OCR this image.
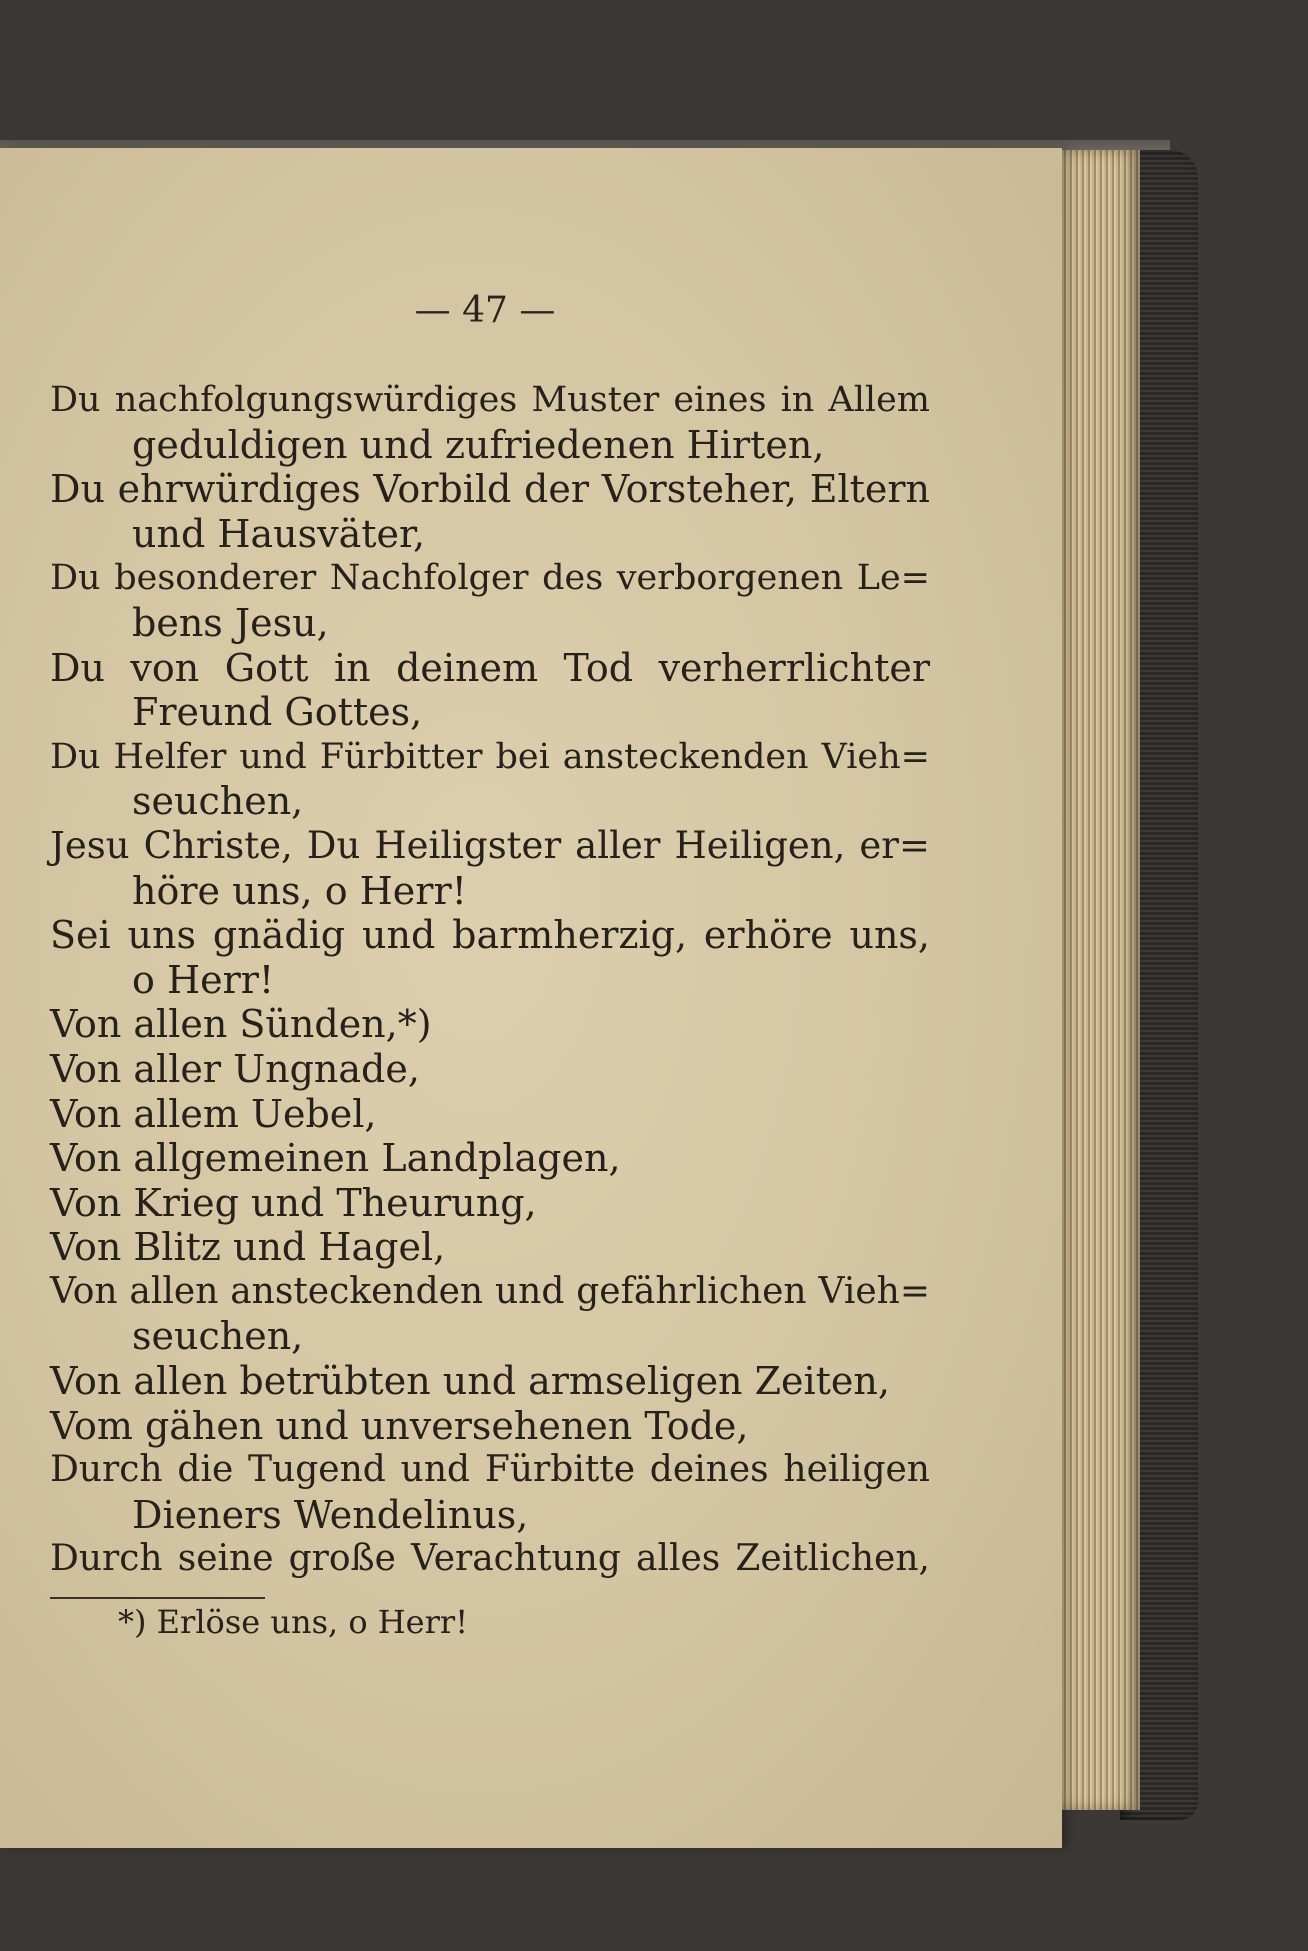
— 47 —
Du nachfolgungswürdiges Muster eines in Allem
geduldigen und zufriedenen Hirten,
Du ehrwürdiges Vorbild der Vorsteher, Eltern
und Hausväter,
Du besonderer Nachfolger des verborgenen Le=
bens Jesu,
Du von Gott in deinem Tod verherrlichter
Freund Gottes,
Du Helfer und Fürbitter bei ansteckenden Vieh=
seuchen,
Jesu Christe, Du Heiligster aller Heiligen, er=
höre uns, o Herr!
Sei uns gnädig und barmherzig, erhöre uns,
o Herr!
Von allen Sünden,*)
Von aller Ungnade,
Von allem Uebel,
Von allgemeinen Landplagen,
Von Krieg und Theurung,
Von Blitz und Hagel,
Von allen ansteckenden und gefährlichen Vieh=
seuchen,
Von allen betrübten und armseligen Zeiten,
Vom gähen und unversehenen Tode,
Durch die Tugend und Fürbitte deines heiligen
Dieners Wendelinus,
Durch seine große Verachtung alles Zeitlichen,
*) Erlöse uns, o Herr!
